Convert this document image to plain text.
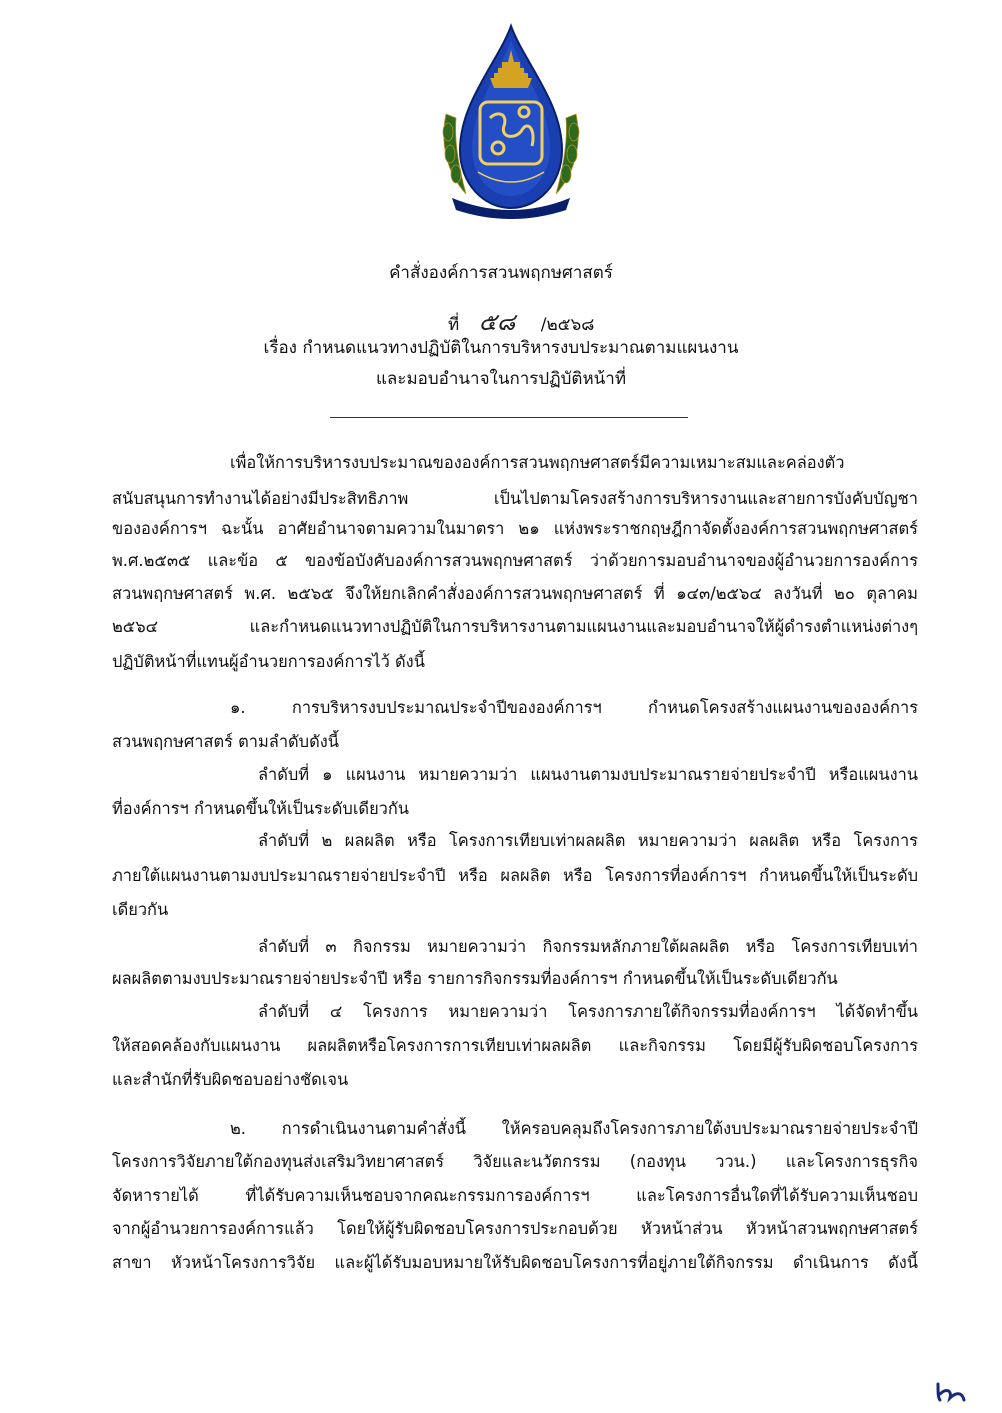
คำสั่งองค์การสวนพฤกษศาสตร์
ที่ ๕๘ /๒๕๖๘
เรื่อง กำหนดแนวทางปฏิบัติในการบริหารงบประมาณตามแผนงาน
และมอบอำนาจในการปฏิบัติหน้าที่
เพื่อให้การบริหารงบประมาณขององค์การสวนพฤกษศาสตร์มีความเหมาะสมและคล่องตัว
สนับสนุนการทำงานได้อย่างมีประสิทธิภาพ เป็นไปตามโครงสร้างการบริหารงานและสายการบังคับบัญชา
ขององค์การฯ ฉะนั้น อาศัยอำนาจตามความในมาตรา ๒๑ แห่งพระราชกฤษฎีกาจัดตั้งองค์การสวนพฤกษศาสตร์
พ.ศ.๒๕๓๕ และข้อ ๕ ของข้อบังคับองค์การสวนพฤกษศาสตร์ ว่าด้วยการมอบอำนาจของผู้อำนวยการองค์การ
สวนพฤกษศาสตร์ พ.ศ. ๒๕๖๕ จึงให้ยกเลิกคำสั่งองค์การสวนพฤกษศาสตร์ ที่ ๑๔๓/๒๕๖๔ ลงวันที่ ๒๐ ตุลาคม
๒๕๖๔ และกำหนดแนวทางปฏิบัติในการบริหารงานตามแผนงานและมอบอำนาจให้ผู้ดำรงตำแหน่งต่างๆ
ปฏิบัติหน้าที่แทนผู้อำนวยการองค์การไว้ ดังนี้
๑. การบริหารงบประมาณประจำปีขององค์การฯ กำหนดโครงสร้างแผนงานขององค์การ
สวนพฤกษศาสตร์ ตามลำดับดังนี้
ลำดับที่ ๑ แผนงาน หมายความว่า แผนงานตามงบประมาณรายจ่ายประจำปี หรือแผนงาน
ที่องค์การฯ กำหนดขึ้นให้เป็นระดับเดียวกัน
ลำดับที่ ๒ ผลผลิต หรือ โครงการเทียบเท่าผลผลิต หมายความว่า ผลผลิต หรือ โครงการ
ภายใต้แผนงานตามงบประมาณรายจ่ายประจำปี หรือ ผลผลิต หรือ โครงการที่องค์การฯ กำหนดขึ้นให้เป็นระดับ
เดียวกัน
ลำดับที่ ๓ กิจกรรม หมายความว่า กิจกรรมหลักภายใต้ผลผลิต หรือ โครงการเทียบเท่า
ผลผลิตตามงบประมาณรายจ่ายประจำปี หรือ รายการกิจกรรมที่องค์การฯ กำหนดขึ้นให้เป็นระดับเดียวกัน
ลำดับที่ ๔ โครงการ หมายความว่า โครงการภายใต้กิจกรรมที่องค์การฯ ได้จัดทำขึ้น
ให้สอดคล้องกับแผนงาน ผลผลิตหรือโครงการการเทียบเท่าผลผลิต และกิจกรรม โดยมีผู้รับผิดชอบโครงการ
และสำนักที่รับผิดชอบอย่างชัดเจน
๒. การดำเนินงานตามคำสั่งนี้ ให้ครอบคลุมถึงโครงการภายใต้งบประมาณรายจ่ายประจำปี
โครงการวิจัยภายใต้กองทุนส่งเสริมวิทยาศาสตร์ วิจัยและนวัตกรรม (กองทุน ววน.) และโครงการธุรกิจ
จัดหารายได้ ที่ได้รับความเห็นชอบจากคณะกรรมการองค์การฯ และโครงการอื่นใดที่ได้รับความเห็นชอบ
จากผู้อำนวยการองค์การแล้ว โดยให้ผู้รับผิดชอบโครงการประกอบด้วย หัวหน้าส่วน หัวหน้าสวนพฤกษศาสตร์
สาขา หัวหน้าโครงการวิจัย และผู้ได้รับมอบหมายให้รับผิดชอบโครงการที่อยู่ภายใต้กิจกรรม ดำเนินการ ดังนี้
